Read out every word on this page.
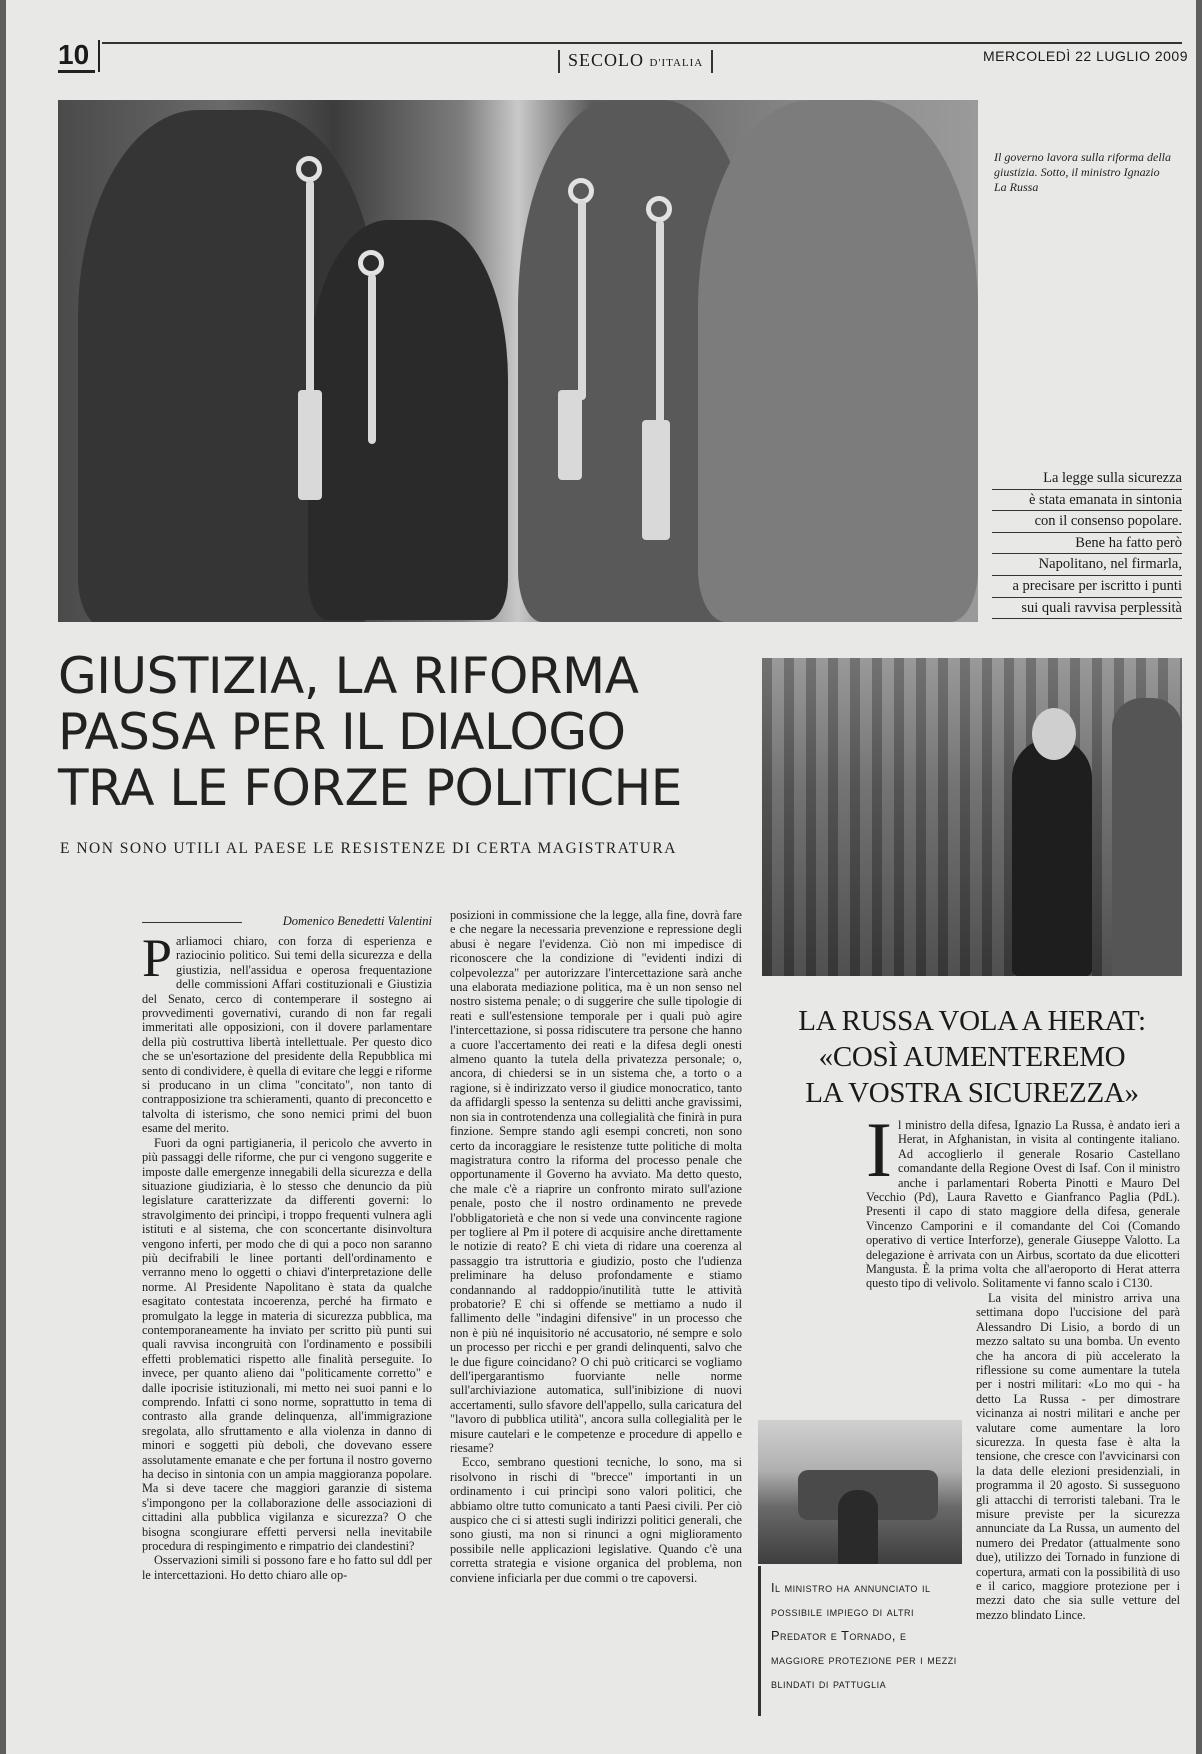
10	SECOLO D'ITALIA	MERCOLEDÌ 22 LUGLIO 2009
Il governo lavora sulla riforma della giustizia. Sotto, il ministro Ignazio La Russa
La legge sulla sicurezza
è stata emanata in sintonia
con il consenso popolare.
Bene ha fatto però
Napolitano, nel firmarla,
a precisare per iscritto i punti
sui quali ravvisa perplessità
GIUSTIZIA, LA RIFORMA
PASSA PER IL DIALOGO
TRA LE FORZE POLITICHE
E NON SONO UTILI AL PAESE LE RESISTENZE DI CERTA MAGISTRATURA
Domenico Benedetti Valentini

Parliamoci chiaro, con forza di esperienza e raziocinio politico. Sui temi della sicurezza e della giustizia, nell'assidua e operosa frequentazione delle commissioni Affari costituzionali e Giustizia del Senato, cerco di contemperare il sostegno ai provvedimenti governativi, curando di non far regali immeritati alle opposizioni, con il dovere parlamentare della più costruttiva libertà intellettuale. Per questo dico che se un'esortazione del presidente della Repubblica mi sento di condividere, è quella di evitare che leggi e riforme si producano in un clima "concitato", non tanto di contrapposizione tra schieramenti, quanto di preconcetto e talvolta di isterismo, che sono nemici primi del buon esame del merito.

Fuori da ogni partigianeria, il pericolo che avverto in più passaggi delle riforme, che pur ci vengono suggerite e imposte dalle emergenze innegabili della sicurezza e della situazione giudiziaria, è lo stesso che denuncio da più legislature caratterizzate da differenti governi: lo stravolgimento dei princìpi, i troppo frequenti vulnera agli istituti e al sistema, che con sconcertante disinvoltura vengono inferti, per modo che di qui a poco non saranno più decifrabili le linee portanti dell'ordinamento e verranno meno lo oggetti o chiavi d'interpretazione delle norme. Al Presidente Napolitano è stata da qualche esagitato contestata incoerenza, perché ha firmato e promulgato la legge in materia di sicurezza pubblica, ma contemporaneamente ha inviato per scritto più punti sui quali ravvisa incongruità con l'ordinamento e possibili effetti problematici rispetto alle finalità perseguite. Io invece, per quanto alieno dai "politicamente corretto" e dalle ipocrisie istituzionali, mi metto nei suoi panni e lo comprendo. Infatti ci sono norme, soprattutto in tema di contrasto alla grande delinquenza, all'immigrazione sregolata, allo sfruttamento e alla violenza in danno di minori e soggetti più deboli, che dovevano essere assolutamente emanate e che per fortuna il nostro governo ha deciso in sintonia con un ampia maggioranza popolare. Ma si deve tacere che maggiori garanzie di sistema s'impongono per la collaborazione delle associazioni di cittadini alla pubblica vigilanza e sicurezza? O che bisogna scongiurare effetti perversi nella inevitabile procedura di respingimento e rimpatrio dei clandestini?

Osservazioni simili si possono fare e ho fatto sul ddl per le intercettazioni. Ho detto chiaro alle op-

posizioni in commissione che la legge, alla fine, dovrà fare e che negare la necessaria prevenzione e repressione degli abusi è negare l'evidenza. Ciò non mi impedisce di riconoscere che la condizione di "evidenti indizi di colpevolezza" per autorizzare l'intercettazione sarà anche una elaborata mediazione politica, ma è un non senso nel nostro sistema penale; o di suggerire che sulle tipologie di reati e sull'estensione temporale per i quali può agire l'intercettazione, si possa ridiscutere tra persone che hanno a cuore l'accertamento dei reati e la difesa degli onesti almeno quanto la tutela della privatezza personale; o, ancora, di chiedersi se in un sistema che, a torto o a ragione, si è indirizzato verso il giudice monocratico, tanto da affidargli spesso la sentenza su delitti anche gravissimi, non sia in controtendenza una collegialità che finirà in pura finzione. Sempre stando agli esempi concreti, non sono certo da incoraggiare le resistenze tutte politiche di molta magistratura contro la riforma del processo penale che opportunamente il Governo ha avviato. Ma detto questo, che male c'è a riaprire un confronto mirato sull'azione penale, posto che il nostro ordinamento ne prevede l'obbligatorietà e che non si vede una convincente ragione per togliere al Pm il potere di acquisire anche direttamente le notizie di reato? E chi vieta di ridare una coerenza al passaggio tra istruttoria e giudizio, posto che l'udienza preliminare ha deluso profondamente e stiamo condannando al raddoppio/inutilità tutte le attività probatorie? E chi si offende se mettiamo a nudo il fallimento delle "indagini difensive" in un processo che non è più né inquisitorio né accusatorio, né sempre e solo un processo per ricchi e per grandi delinquenti, salvo che le due figure coincidano? O chi può criticarci se vogliamo dell'ipergarantismo fuorviante nelle norme sull'archiviazione automatica, sull'inibizione di nuovi accertamenti, sullo sfavore dell'appello, sulla caricatura del "lavoro di pubblica utilità", ancora sulla collegialità per le misure cautelari e le competenze e procedure di appello e riesame?

Ecco, sembrano questioni tecniche, lo sono, ma si risolvono in rischi di "brecce" importanti in un ordinamento i cui princìpi sono valori politici, che abbiamo oltre tutto comunicato a tanti Paesi civili. Per ciò auspico che ci si attesti sugli indirizzi politici generali, che sono giusti, ma non si rinunci a ogni miglioramento possibile nelle applicazioni legislative. Quando c'è una corretta strategia e visione organica del problema, non conviene inficiarla per due commi o tre capoversi.

LA RUSSA VOLA A HERAT:
«COSÌ AUMENTEREMO
LA VOSTRA SICUREZZA»

Il ministro della difesa, Ignazio La Russa, è andato ieri a Herat, in Afghanistan, in visita al contingente italiano. Ad accoglierlo il generale Rosario Castellano comandante della Regione Ovest di Isaf. Con il ministro anche i parlamentari Roberta Pinotti e Mauro Del Vecchio (Pd), Laura Ravetto e Gianfranco Paglia (PdL). Presenti il capo di stato maggiore della difesa, generale Vincenzo Camporini e il comandante del Coi (Comando operativo di vertice Interforze), generale Giuseppe Valotto. La delegazione è arrivata con un Airbus, scortato da due elicotteri Mangusta. È la prima volta che all'aeroporto di Herat atterra questo tipo di velivolo. Solitamente vi fanno scalo i C130.

La visita del ministro arriva una settimana dopo l'uccisione del parà Alessandro Di Lisio, a bordo di un mezzo saltato su una bomba. Un evento che ha ancora di più accelerato la riflessione su come aumentare la tutela per i nostri militari: «Lo mo qui - ha detto La Russa - per dimostrare vicinanza ai nostri militari e anche per valutare come aumentare la loro sicurezza. In questa fase è alta la tensione, che cresce con l'avvicinarsi con la data delle elezioni presidenziali, in programma il 20 agosto. Si susseguono gli attacchi di terroristi talebani. Tra le misure previste per la sicurezza annunciate da La Russa, un aumento del numero dei Predator (attualmente sono due), utilizzo dei Tornado in funzione di copertura, armati con la possibilità di uso e il carico, maggiore protezione per i mezzi dato che sia sulle vetture del mezzo blindato Lince.

Il ministro ha annunciato il possibile impiego di altri Predator e Tornado, e maggiore protezione per i mezzi blindati di pattuglia
